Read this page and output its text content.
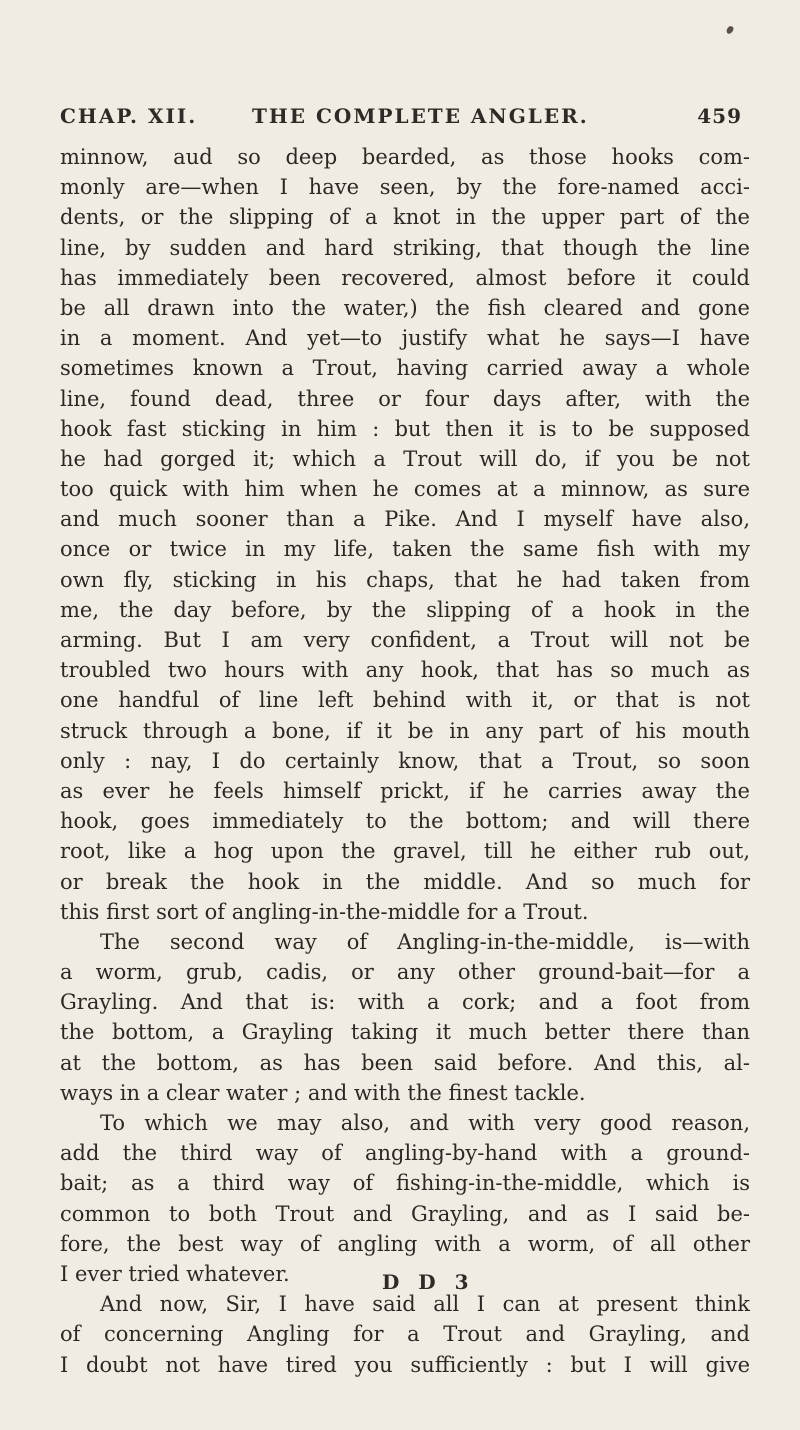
CHAP. XII.	THE COMPLETE ANGLER.	459
minnow, aud so deep bearded, as those hooks com-
monly are—when I have seen, by the fore-named acci-
dents, or the slipping of a knot in the upper part of the
line, by sudden and hard striking, that though the line
has immediately been recovered, almost before it could
be all drawn into the water,) the fish cleared and gone
in a moment. And yet—to justify what he says—I have
sometimes known a Trout, having carried away a whole
line, found dead, three or four days after, with the
hook fast sticking in him : but then it is to be supposed
he had gorged it; which a Trout will do, if you be not
too quick with him when he comes at a minnow, as sure
and much sooner than a Pike. And I myself have also,
once or twice in my life, taken the same fish with my
own fly, sticking in his chaps, that he had taken from
me, the day before, by the slipping of a hook in the
arming. But I am very confident, a Trout will not be
troubled two hours with any hook, that has so much as
one handful of line left behind with it, or that is not
struck through a bone, if it be in any part of his mouth
only : nay, I do certainly know, that a Trout, so soon
as ever he feels himself prickt, if he carries away the
hook, goes immediately to the bottom; and will there
root, like a hog upon the gravel, till he either rub out,
or break the hook in the middle. And so much for
this first sort of angling-in-the-middle for a Trout.
The second way of Angling-in-the-middle, is—with
a worm, grub, cadis, or any other ground-bait—for a
Grayling. And that is: with a cork; and a foot from
the bottom, a Grayling taking it much better there than
at the bottom, as has been said before. And this, al-
ways in a clear water ; and with the finest tackle.
To which we may also, and with very good reason,
add the third way of angling-by-hand with a ground-
bait; as a third way of fishing-in-the-middle, which is
common to both Trout and Grayling, and as I said be-
fore, the best way of angling with a worm, of all other
I ever tried whatever.
And now, Sir, I have said all I can at present think
of concerning Angling for a Trout and Grayling, and
I doubt not have tired you sufficiently : but I will give
D D 3
